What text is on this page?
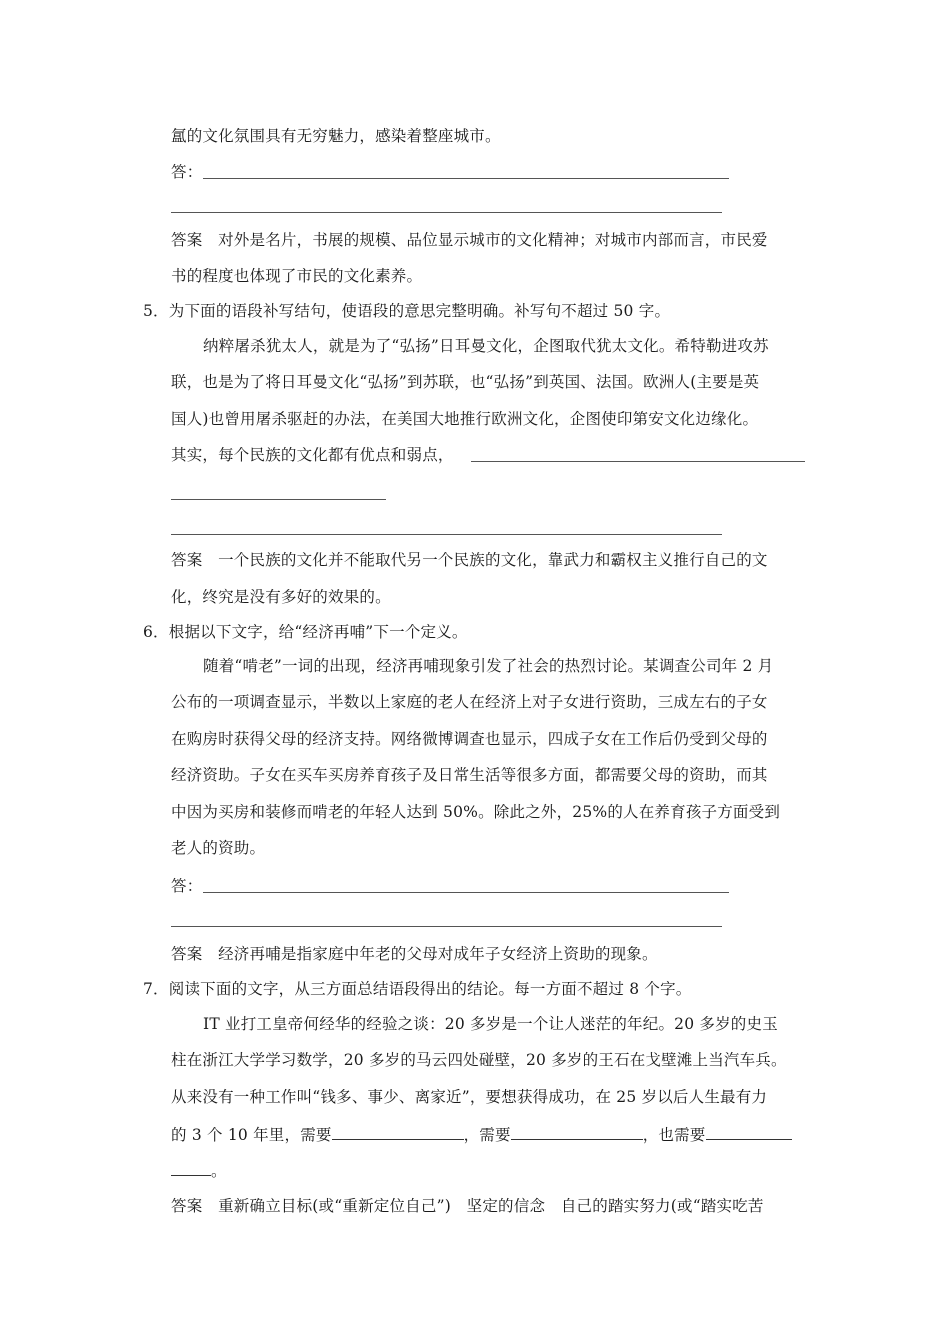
氲的文化氛围具有无穷魅力，感染着整座城市。
答：
答案　 对外是名片，书展的规模、品位显示城市的文化精神；对城市内部而言，市民爱
书的程度也体现了市民的文化素养。
5．为下面的语段补写结句，使语段的意思完整明确。补写句不超过 50 字。
纳粹屠杀犹太人，就是为了“弘扬”日耳曼文化，企图取代犹太文化。希特勒进攻苏
联，也是为了将日耳曼文化“弘扬”到苏联，也“弘扬”到英国、法国。欧洲人(主要是英
国人)也曾用屠杀驱赶的办法，在美国大地推行欧洲文化，企图使印第安文化边缘化。
其实，每个民族的文化都有优点和弱点，
答案　 一个民族的文化并不能取代另一个民族的文化，靠武力和霸权主义推行自己的文
化，终究是没有多好的效果的。
6．根据以下文字，给“经济再哺”下一个定义。
随着“啃老”一词的出现，经济再哺现象引发了社会的热烈讨论。某调查公司年 2 月
公布的一项调查显示，半数以上家庭的老人在经济上对子女进行资助，三成左右的子女
在购房时获得父母的经济支持。网络微博调查也显示，四成子女在工作后仍受到父母的
经济资助。子女在买车买房养育孩子及日常生活等很多方面，都需要父母的资助，而其
中因为买房和装修而啃老的年轻人达到 50%。除此之外，25%的人在养育孩子方面受到
老人的资助。
答：
答案　 经济再哺是指家庭中年老的父母对成年子女经济上资助的现象。
7．阅读下面的文字，从三方面总结语段得出的结论。每一方面不超过 8 个字。
IT 业打工皇帝何经华的经验之谈：20 多岁是一个让人迷茫的年纪。20 多岁的史玉
柱在浙江大学学习数学，20 多岁的马云四处碰壁，20 多岁的王石在戈壁滩上当汽车兵。
从来没有一种工作叫“钱多、事少、离家近”，要想获得成功，在 25 岁以后人生最有力
的 3 个 10 年里，需要	，需要	，也需要
。
答案　 重新确立目标(或“重新定位自己”)　坚定的信念　自己的踏实努力(或“踏实吃苦
